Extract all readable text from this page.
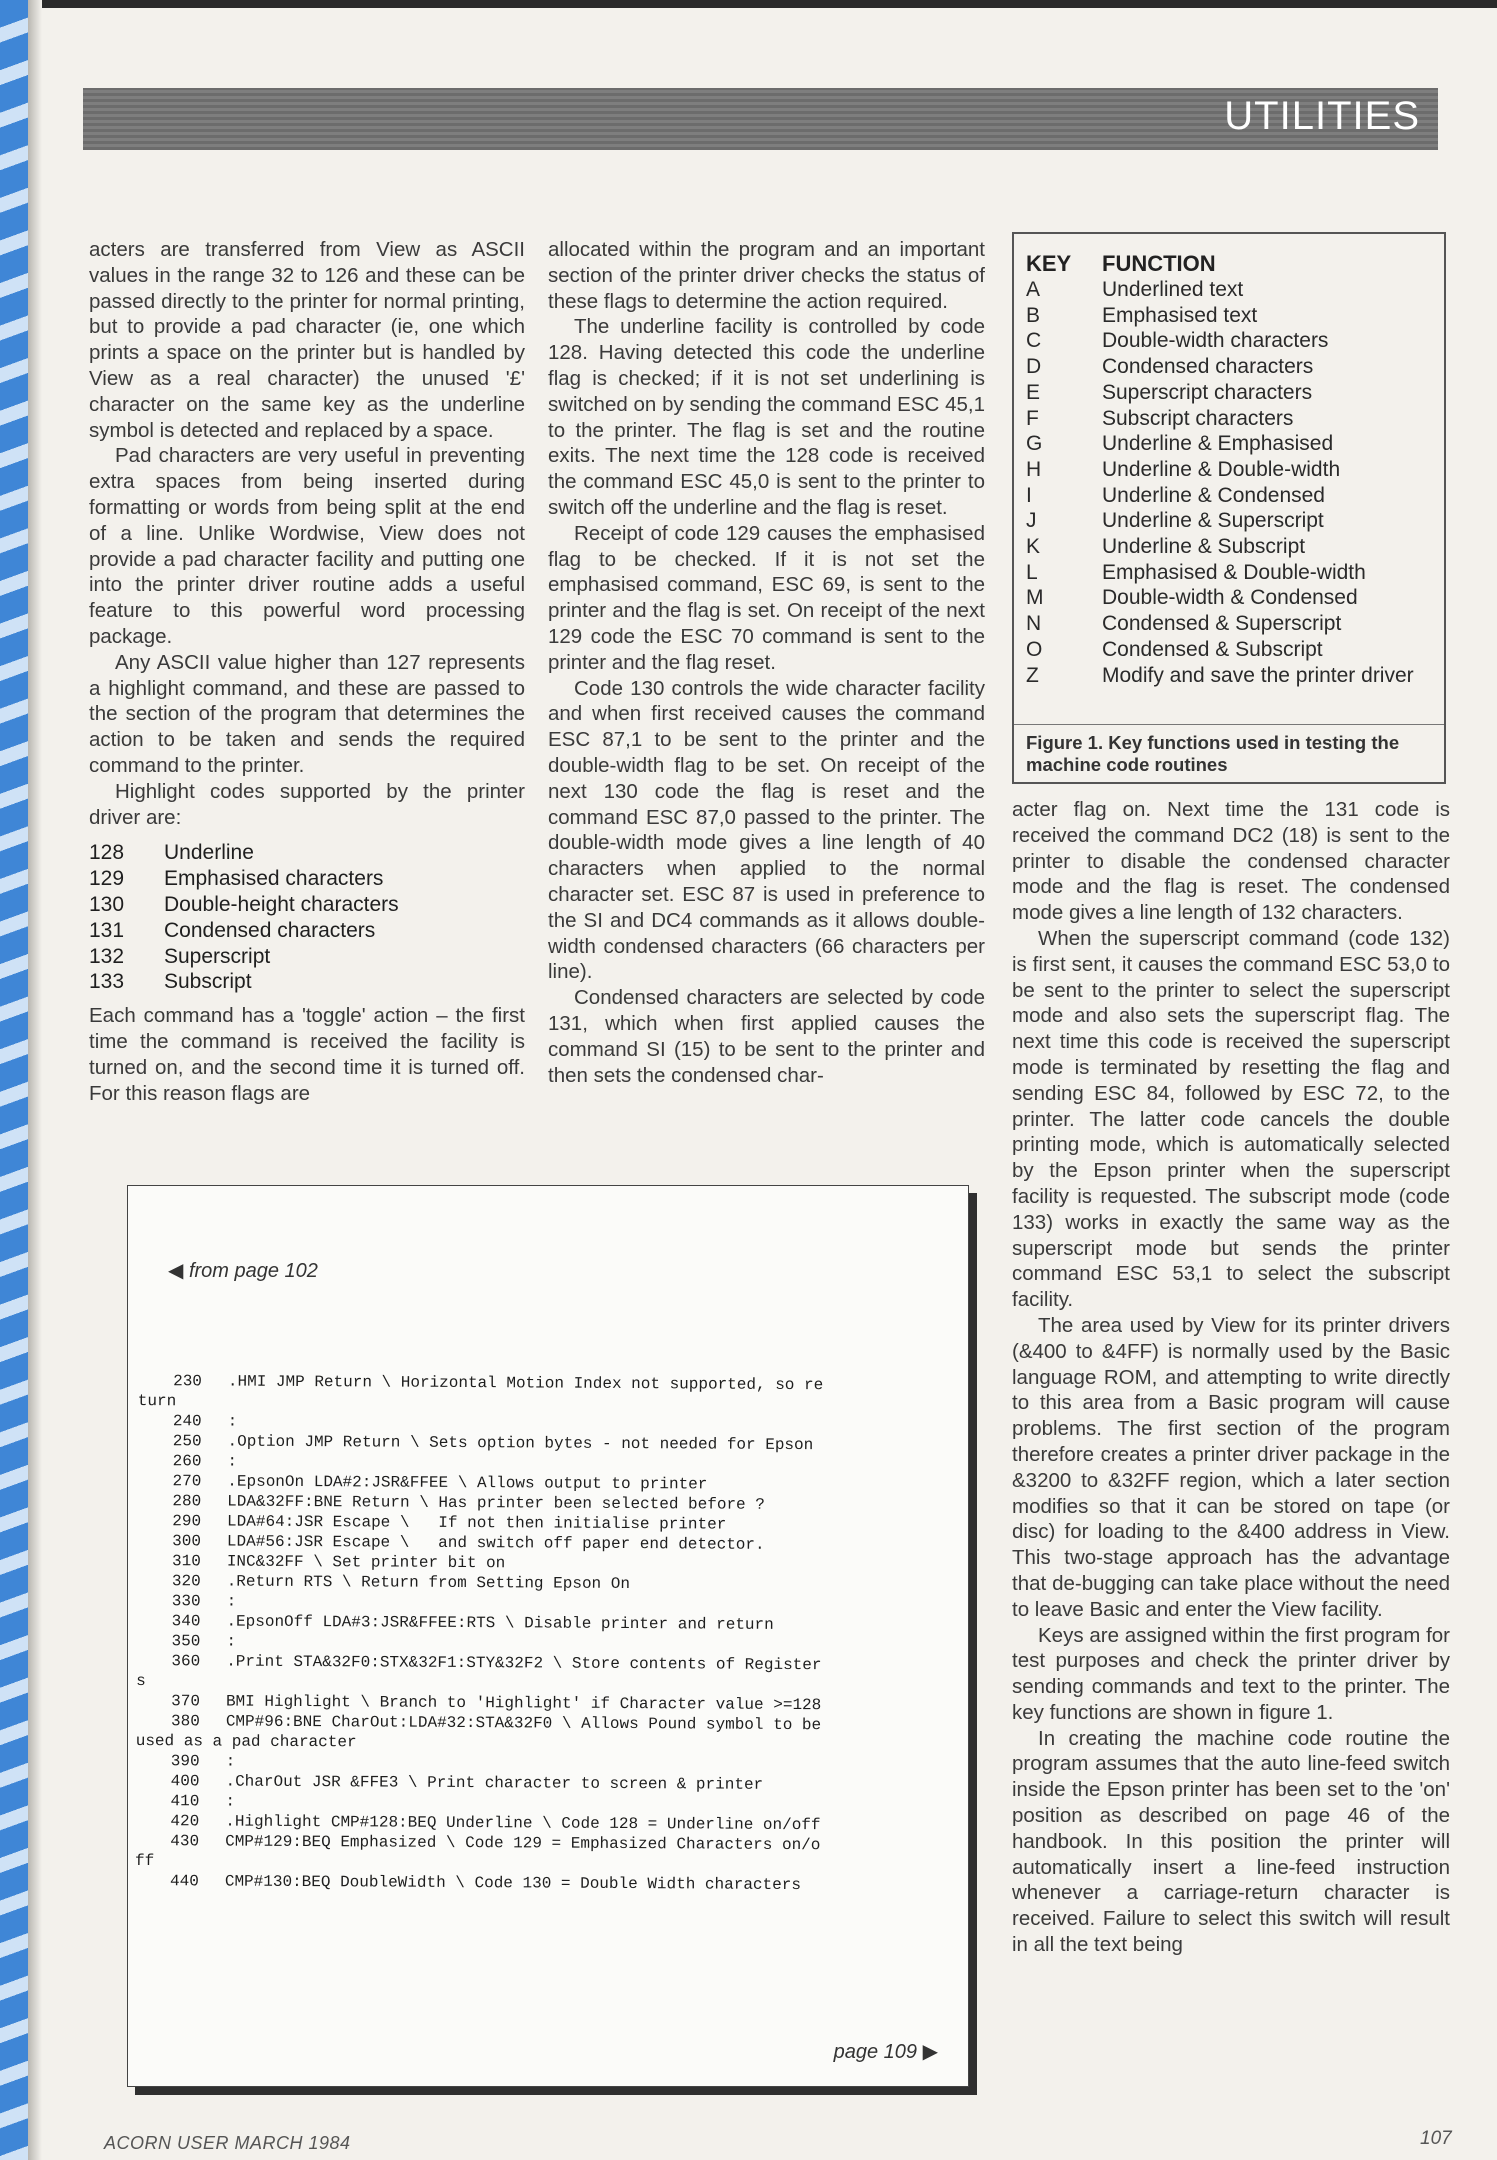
UTILITIES

acters are transferred from View as ASCII values in the range 32 to 126 and these can be passed directly to the printer for normal printing, but to provide a pad character (ie, one which prints a space on the printer but is handled by View as a real character) the unused '£' character on the same key as the underline symbol is detected and replaced by a space.

Pad characters are very useful in preventing extra spaces from being inserted during formatting or words from being split at the end of a line. Unlike Wordwise, View does not provide a pad character facility and putting one into the printer driver routine adds a useful feature to this powerful word processing package.

Any ASCII value higher than 127 represents a highlight command, and these are passed to the section of the program that determines the action to be taken and sends the required command to the printer.

Highlight codes supported by the printer driver are:

128	Underline
129	Emphasised characters
130	Double-height characters
131	Condensed characters
132	Superscript
133	Subscript

Each command has a 'toggle' action – the first time the command is received the facility is turned on, and the second time it is turned off. For this reason flags are

allocated within the program and an important section of the printer driver checks the status of these flags to determine the action required.

The underline facility is controlled by code 128. Having detected this code the underline flag is checked; if it is not set underlining is switched on by sending the command ESC 45,1 to the printer. The flag is set and the routine exits. The next time the 128 code is received the command ESC 45,0 is sent to the printer to switch off the underline and the flag is reset.

Receipt of code 129 causes the emphasised flag to be checked. If it is not set the emphasised command, ESC 69, is sent to the printer and the flag is set. On receipt of the next 129 code the ESC 70 command is sent to the printer and the flag reset.

Code 130 controls the wide character facility and when first received causes the command ESC 87,1 to be sent to the printer and the double-width flag to be set. On receipt of the next 130 code the flag is reset and the command ESC 87,0 passed to the printer. The double-width mode gives a line length of 40 characters when applied to the normal character set. ESC 87 is used in preference to the SI and DC4 commands as it allows double-width condensed characters (66 characters per line).

Condensed characters are selected by code 131, which when first applied causes the command SI (15) to be sent to the printer and then sets the condensed char-

KEY	FUNCTION
A	Underlined text
B	Emphasised text
C	Double-width characters
D	Condensed characters
E	Superscript characters
F	Subscript characters
G	Underline & Emphasised
H	Underline & Double-width
I	Underline & Condensed
J	Underline & Superscript
K	Underline & Subscript
L	Emphasised & Double-width
M	Double-width & Condensed
N	Condensed & Superscript
O	Condensed & Subscript
Z	Modify and save the printer driver
Figure 1. Key functions used in testing the machine code routines

acter flag on. Next time the 131 code is received the command DC2 (18) is sent to the printer to disable the condensed character mode and the flag is reset. The condensed mode gives a line length of 132 characters.

When the superscript command (code 132) is first sent, it causes the command ESC 53,0 to be sent to the printer to select the superscript mode and also sets the superscript flag. The next time this code is received the superscript mode is terminated by resetting the flag and sending ESC 84, followed by ESC 72, to the printer. The latter code cancels the double printing mode, which is automatically selected by the Epson printer when the superscript facility is requested. The subscript mode (code 133) works in exactly the same way as the superscript mode but sends the printer command ESC 53,1 to select the subscript facility.

The area used by View for its printer drivers (&400 to &4FF) is normally used by the Basic language ROM, and attempting to write directly to this area from a Basic program will cause problems. The first section of the program therefore creates a printer driver package in the &3200 to &32FF region, which a later section modifies so that it can be stored on tape (or disc) for loading to the &400 address in View. This two-stage approach has the advantage that de-bugging can take place without the need to leave Basic and enter the View facility.

Keys are assigned within the first program for test purposes and check the printer driver by sending commands and text to the printer. The key functions are shown in figure 1.

In creating the machine code routine the program assumes that the auto line-feed switch inside the Epson printer has been set to the 'on' position as described on page 46 of the handbook. In this position the printer will automatically insert a line-feed instruction whenever a carriage-return character is received. Failure to select this switch will result in all the text being

◀ from page 102
230	.HMI JMP Return \ Horizontal Motion Index not supported, so re
turn
240	:
250	.Option JMP Return \ Sets option bytes - not needed for Epson
260	:
270	.EpsonOn LDA#2:JSR&FFEE \ Allows output to printer
280	LDA&32FF:BNE Return \ Has printer been selected before ?
290	LDA#64:JSR Escape \   If not then initialise printer
300	LDA#56:JSR Escape \   and switch off paper end detector.
310	INC&32FF \ Set printer bit on
320	.Return RTS \ Return from Setting Epson On
330	:
340	.EpsonOff LDA#3:JSR&FFEE:RTS \ Disable printer and return
350	:
360	.Print STA&32F0:STX&32F1:STY&32F2 \ Store contents of Register
s
370	BMI Highlight \ Branch to 'Highlight' if Character value >=128
380	CMP#96:BNE CharOut:LDA#32:STA&32F0 \ Allows Pound symbol to be
used as a pad character
390	:
400	.CharOut JSR &FFE3 \ Print character to screen & printer
410	:
420	.Highlight CMP#128:BEQ Underline \ Code 128 = Underline on/off
430	CMP#129:BEQ Emphasized \ Code 129 = Emphasized Characters on/o
ff
440	CMP#130:BEQ DoubleWidth \ Code 130 = Double Width characters
page 109 ▶
ACORN USER MARCH 1984	107
